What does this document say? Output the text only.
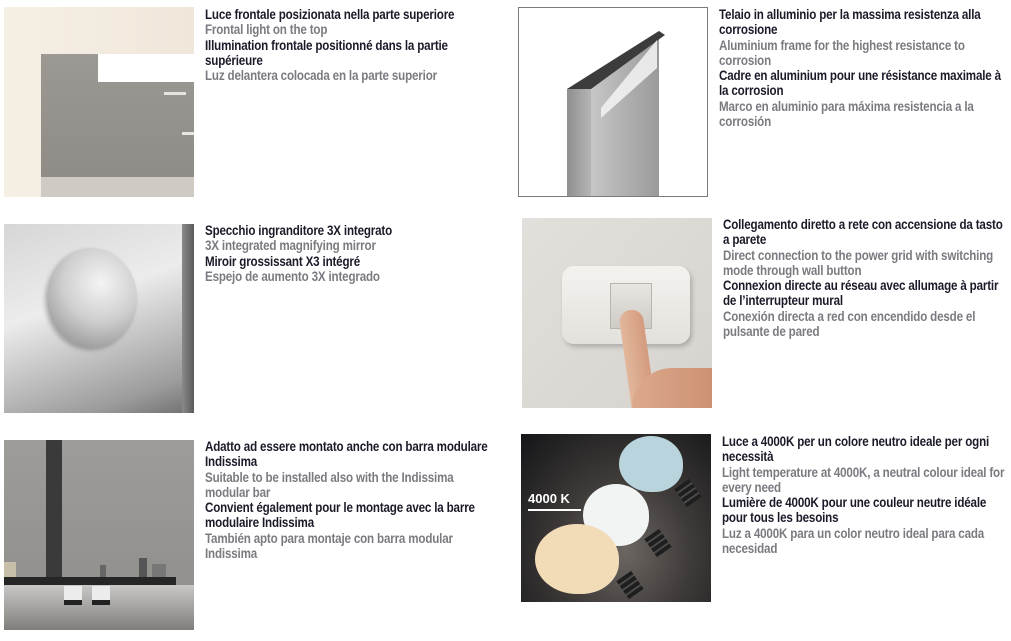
Luce frontale posizionata nella parte superiore
Frontal light on the top
Illumination frontale positionné dans la partie supérieure
Luz delantera colocada en la parte superior
Telaio in alluminio per la massima resistenza alla corrosione
Aluminium frame for the highest resistance to corrosion
Cadre en aluminium pour une résistance maximale à la corrosion
Marco en aluminio para máxima resistencia a la corrosión
Specchio ingranditore 3X integrato
3X integrated magnifying mirror
Miroir grossissant X3 intégré
Espejo de aumento 3X integrado
Collegamento diretto a rete con accensione da tasto a parete
Direct connection to the power grid with switching mode through wall button
Connexion directe au réseau avec allumage à partir de l’interrupteur mural
Conexión directa a red con encendido desde el pulsante de pared
Adatto ad essere montato anche con barra modulare Indissima
Suitable to be installed also with the Indissima modular bar
Convient également pour le montage avec la barre modulaire Indissima
También apto para montaje con barra modular Indissima
4000 K
Luce a 4000K per un colore neutro ideale per ogni necessità
Light temperature at 4000K, a neutral colour ideal for every need
Lumière de 4000K pour une couleur neutre idéale pour tous les besoins
Luz a 4000K para un color neutro ideal para cada necesidad
